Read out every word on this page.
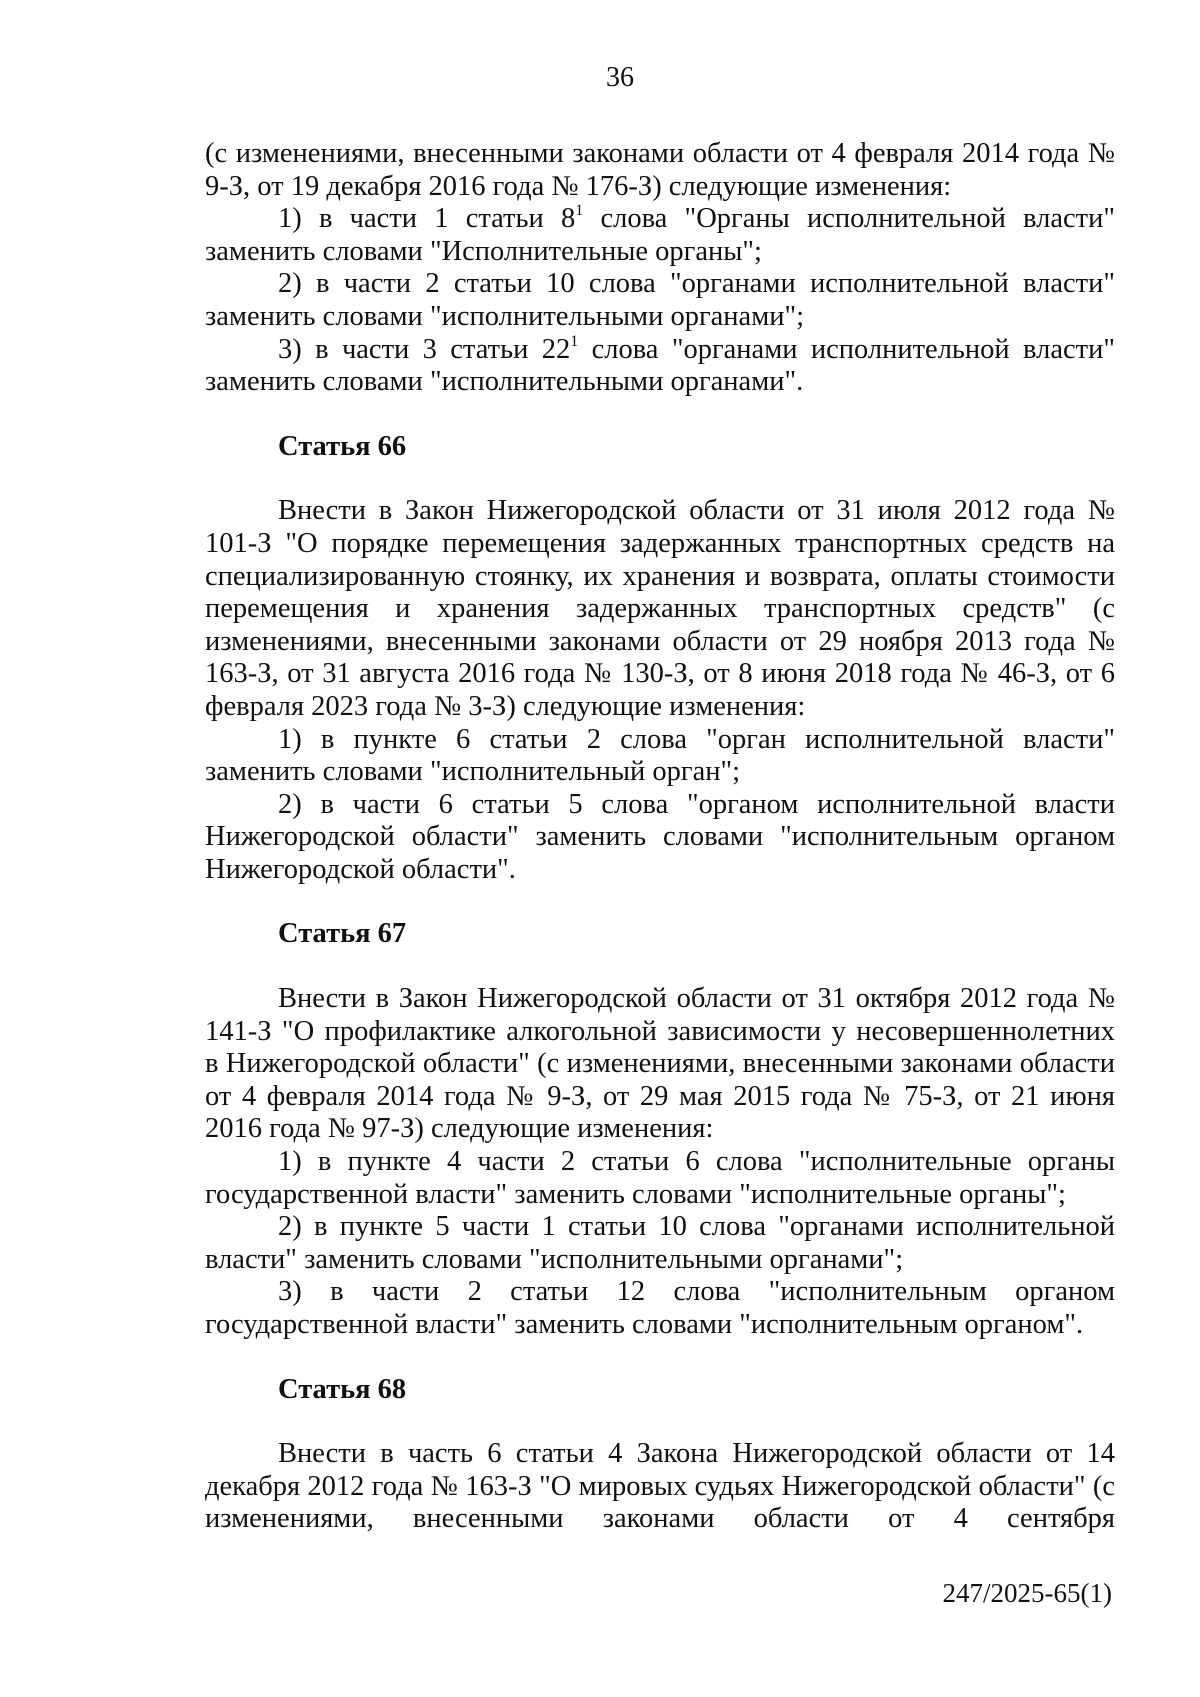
36

(с изменениями, внесенными законами области от 4 февраля 2014 года № 9-З, от 19 декабря 2016 года № 176-З) следующие изменения:

1) в части 1 статьи $8^1$ слова "Органы исполнительной власти" заменить словами "Исполнительные органы";

2) в части 2 статьи 10 слова "органами исполнительной власти" заменить словами "исполнительными органами";

3) в части 3 статьи $22^1$ слова "органами исполнительной власти" заменить словами "исполнительными органами".

Статья 66

Внести в Закон Нижегородской области от 31 июля 2012 года № 101-З "О порядке перемещения задержанных транспортных средств на специализированную стоянку, их хранения и возврата, оплаты стоимости перемещения и хранения задержанных транспортных средств" (с изменениями, внесенными законами области от 29 ноября 2013 года № 163-З, от 31 августа 2016 года № 130-З, от 8 июня 2018 года № 46-З, от 6 февраля 2023 года № 3-З) следующие изменения:

1) в пункте 6 статьи 2 слова "орган исполнительной власти" заменить словами "исполнительный орган";

2) в части 6 статьи 5 слова "органом исполнительной власти Нижегородской области" заменить словами "исполнительным органом Нижегородской области".

Статья 67

Внести в Закон Нижегородской области от 31 октября 2012 года № 141-З "О профилактике алкогольной зависимости у несовершеннолетних в Нижегородской области" (с изменениями, внесенными законами области от 4 февраля 2014 года № 9-З, от 29 мая 2015 года № 75-З, от 21 июня 2016 года № 97-З) следующие изменения:

1) в пункте 4 части 2 статьи 6 слова "исполнительные органы государственной власти" заменить словами "исполнительные органы";

2) в пункте 5 части 1 статьи 10 слова "органами исполнительной власти" заменить словами "исполнительными органами";

3) в части 2 статьи 12 слова "исполнительным органом государственной власти" заменить словами "исполнительным органом".

Статья 68

Внести в часть 6 статьи 4 Закона Нижегородской области от 14 декабря 2012 года № 163-З "О мировых судьях Нижегородской области" (с изменениями, внесенными законами области от 4 сентября

247/2025-65(1)
